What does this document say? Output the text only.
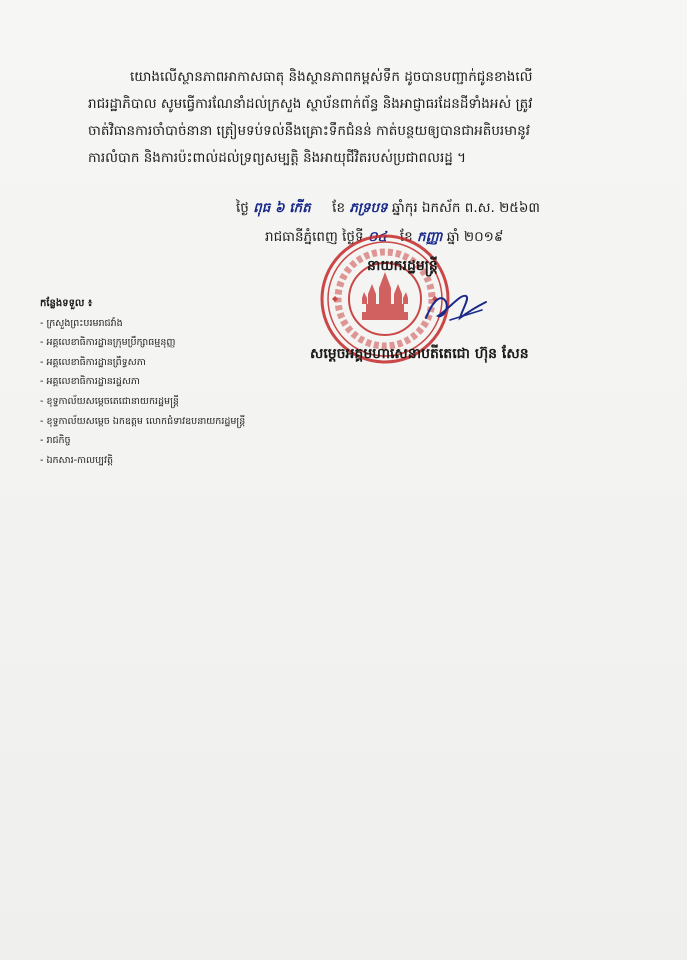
យោងលើស្ថានភាពអាកាសធាតុ និងស្ថានភាពកម្ពស់ទឹក ដូចបានបញ្ជាក់ជូនខាងលើ

រាជរដ្ឋាភិបាល សូមធ្វើការណែនាំដល់ក្រសួង ស្ថាប័នពាក់ព័ន្ធ និងអាជ្ញាធរដែនដីទាំងអស់ ត្រូវ

ចាត់វិធានការចាំបាច់នានា ត្រៀមទប់ទល់នឹងគ្រោះទឹកជំនន់ កាត់បន្ថយឲ្យបានជាអតិបរមានូវ

ការលំបាក និងការប៉ះពាល់ដល់ទ្រព្យសម្បត្តិ និងអាយុជីវិតរបស់ប្រជាពលរដ្ឋ ។

ថ្ងៃ ពុធ ៦ កើត ខែ ភទ្របទ ឆ្នាំកុរ ឯកស័ក ព.ស. ២៥៦៣
រាជធានីភ្នំពេញ ថ្ងៃទី ០៤ ខែ កញ្ញា ឆ្នាំ ២០១៩
នាយករដ្ឋមន្ត្រី
សម្តេចអគ្គមហាសេនាបតីតេជោ ហ៊ុន សែន
កន្លែងទទួល ៖
- ក្រសួងព្រះបរមរាជវាំង
- អគ្គលេខាធិការដ្ឋានក្រុមប្រឹក្សាធម្មនុញ្ញ
- អគ្គលេខាធិការដ្ឋានព្រឹទ្ធសភា
- អគ្គលេខាធិការដ្ឋានរដ្ឋសភា
- ខុទ្ទកាល័យសម្តេចតេជោនាយករដ្ឋមន្ត្រី
- ខុទ្ទកាល័យសម្តេច ឯកឧត្តម លោកជំទាវឧបនាយករដ្ឋមន្ត្រី
- រាជកិច្ច
- ឯកសារ-កាលប្បវត្តិ
